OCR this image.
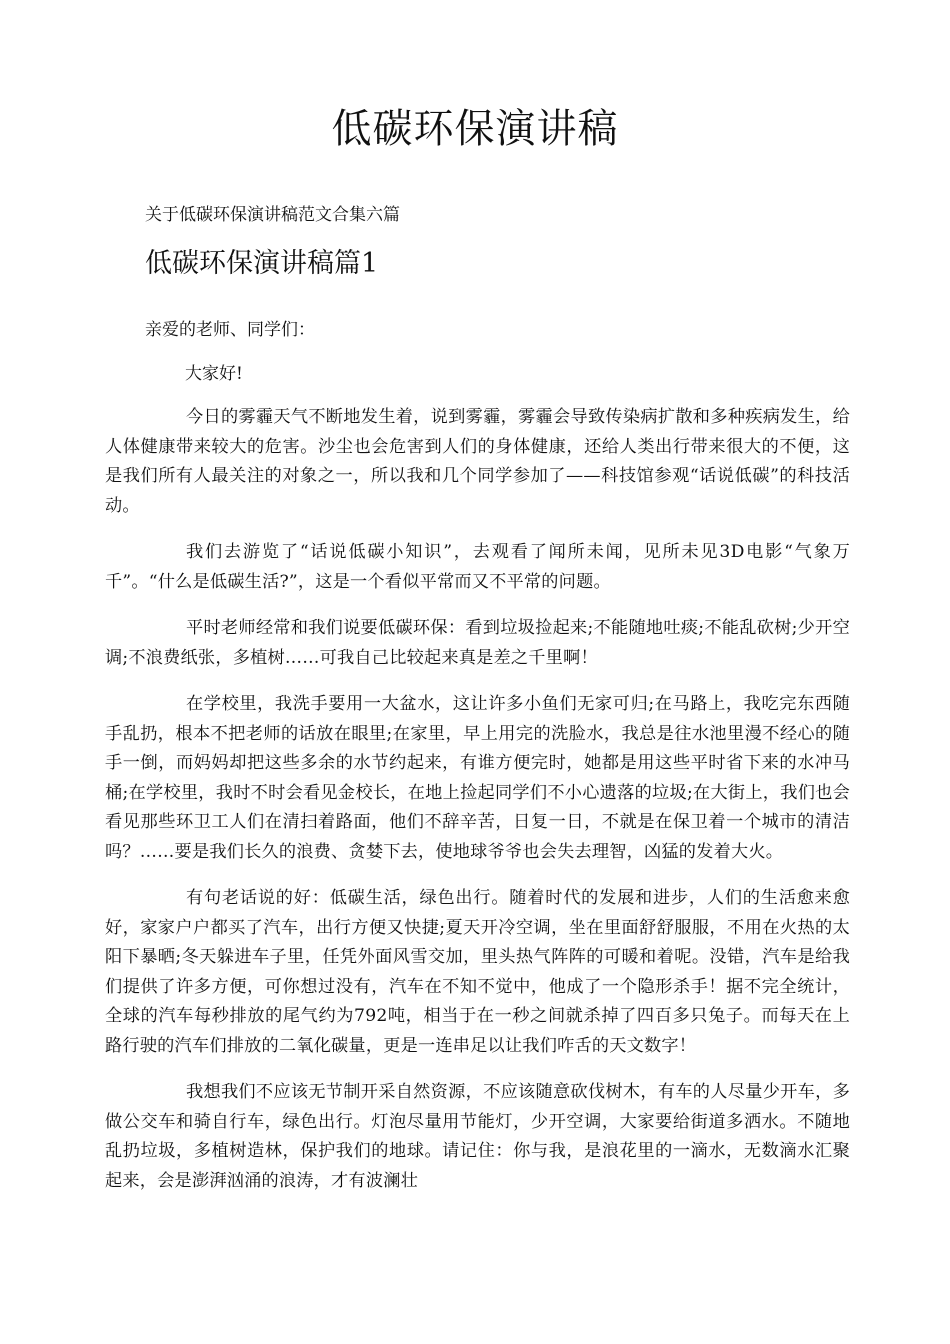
低碳环保演讲稿

关于低碳环保演讲稿范文合集六篇

低碳环保演讲稿篇1

亲爱的老师、同学们：

大家好!

今日的雾霾天气不断地发生着，说到雾霾，雾霾会导致传染病扩散和多种疾病发生，给人体健康带来较大的危害。沙尘也会危害到人们的身体健康，还给人类出行带来很大的不便，这是我们所有人最关注的对象之一，所以我和几个同学参加了——科技馆参观“话说低碳”的科技活动。

我们去游览了“话说低碳小知识”，去观看了闻所未闻，见所未见3D电影“气象万千”。“什么是低碳生活?”，这是一个看似平常而又不平常的问题。

平时老师经常和我们说要低碳环保：看到垃圾捡起来;不能随地吐痰;不能乱砍树;少开空调;不浪费纸张，多植树……可我自己比较起来真是差之千里啊！

在学校里，我洗手要用一大盆水，这让许多小鱼们无家可归;在马路上，我吃完东西随手乱扔，根本不把老师的话放在眼里;在家里，早上用完的洗脸水，我总是往水池里漫不经心的随手一倒，而妈妈却把这些多余的水节约起来，有谁方便完时，她都是用这些平时省下来的水冲马桶;在学校里，我时不时会看见金校长，在地上捡起同学们不小心遗落的垃圾;在大街上，我们也会看见那些环卫工人们在清扫着路面，他们不辞辛苦，日复一日，不就是在保卫着一个城市的清洁吗？……要是我们长久的浪费、贪婪下去，使地球爷爷也会失去理智，凶猛的发着大火。

有句老话说的好：低碳生活，绿色出行。随着时代的发展和进步，人们的生活愈来愈好，家家户户都买了汽车，出行方便又快捷;夏天开冷空调，坐在里面舒舒服服，不用在火热的太阳下暴晒;冬天躲进车子里，任凭外面风雪交加，里头热气阵阵的可暖和着呢。没错，汽车是给我们提供了许多方便，可你想过没有，汽车在不知不觉中，他成了一个隐形杀手！据不完全统计，全球的汽车每秒排放的尾气约为792吨，相当于在一秒之间就杀掉了四百多只兔子。而每天在上路行驶的汽车们排放的二氧化碳量，更是一连串足以让我们咋舌的天文数字！

我想我们不应该无节制开采自然资源，不应该随意砍伐树木，有车的人尽量少开车，多做公交车和骑自行车，绿色出行。灯泡尽量用节能灯，少开空调，大家要给街道多洒水。不随地乱扔垃圾，多植树造林，保护我们的地球。请记住：你与我，是浪花里的一滴水，无数滴水汇聚起来，会是澎湃汹涌的浪涛，才有波澜壮
